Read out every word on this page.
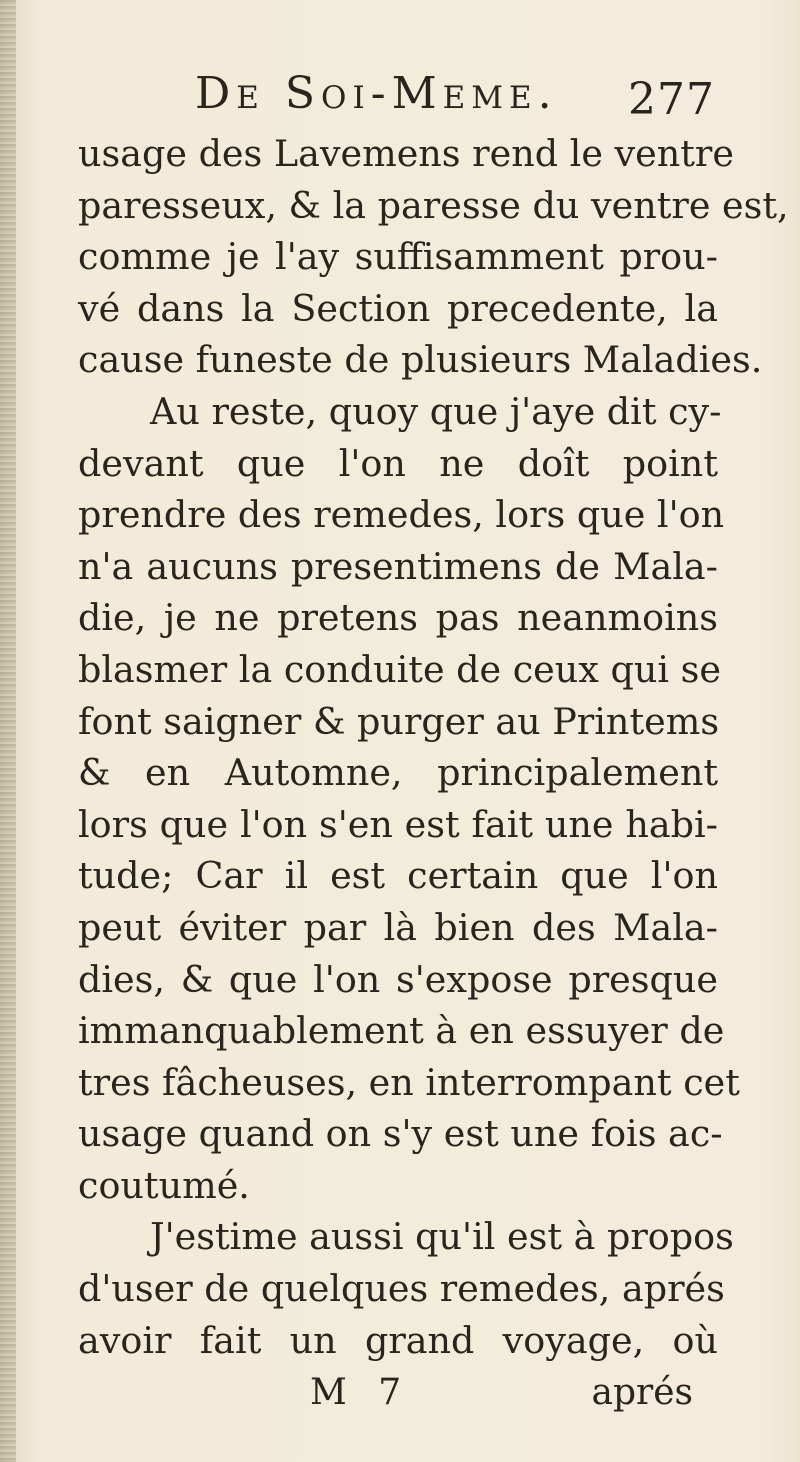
De Soi-Meme. 277
usage des Lavemens rend le ventre
paresseux, & la paresse du ventre est,
comme je l'ay suffisamment prou-
vé dans la Section precedente, la
cause funeste de plusieurs Maladies.
Au reste, quoy que j'aye dit cy-
devant que l'on ne doît point
prendre des remedes, lors que l'on
n'a aucuns presentimens de Mala-
die, je ne pretens pas neanmoins
blasmer la conduite de ceux qui se
font saigner & purger au Printems
& en Automne, principalement
lors que l'on s'en est fait une habi-
tude; Car il est certain que l'on
peut éviter par là bien des Mala-
dies, & que l'on s'expose presque
immanquablement à en essuyer de
tres fâcheuses, en interrompant cet
usage quand on s'y est une fois ac-
coutumé.
J'estime aussi qu'il est à propos
d'user de quelques remedes, aprés
avoir fait un grand voyage, où
M 7	aprés
